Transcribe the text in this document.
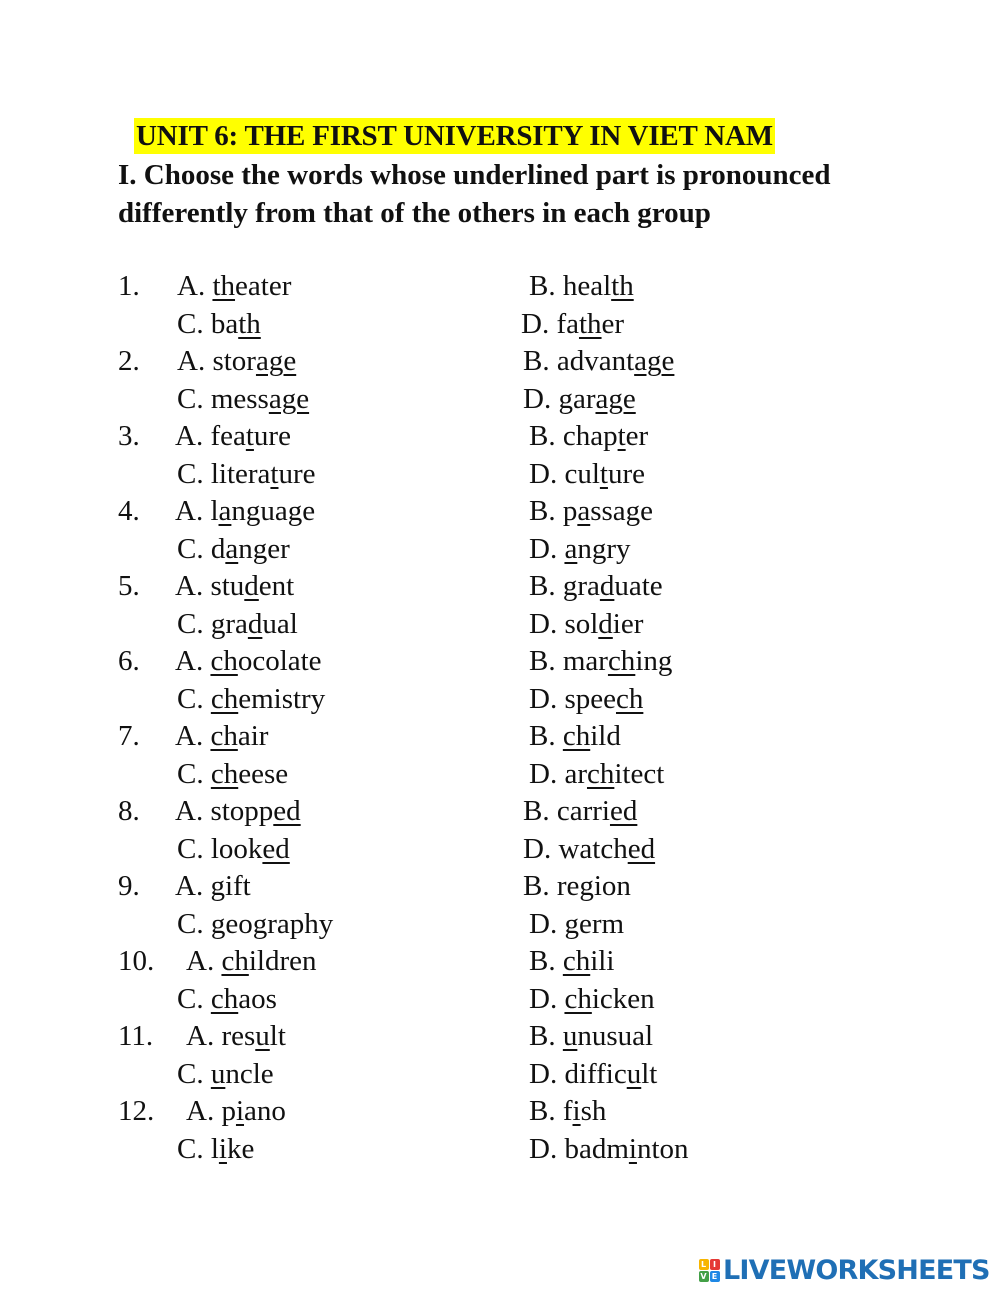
UNIT 6: THE FIRST UNIVERSITY IN VIET NAM
I. Choose the words whose underlined part is pronounced differently from that of the others in each group
1. A. theater	B. health
C. bath	D. father
2. A. storage	B. advantage
C. message	D. garage
3. A. feature	B. chapter
C. literature	D. culture
4. A. language	B. passage
C. danger	D. angry
5. A. student	B. graduate
C. gradual	D. soldier
6. A. chocolate	B. marching
C. chemistry	D. speech
7. A. chair	B. child
C. cheese	D. architect
8. A. stopped	B. carried
C. looked	D. watched
9. A. gift	B. region
C. geography	D. germ
10. A. children	B. chili
C. chaos	D. chicken
11. A. result	B. unusual
C. uncle	D. difficult
12. A. piano	B. fish
C. like	D. badminton
L I
V E LIVEWORKSHEETS
